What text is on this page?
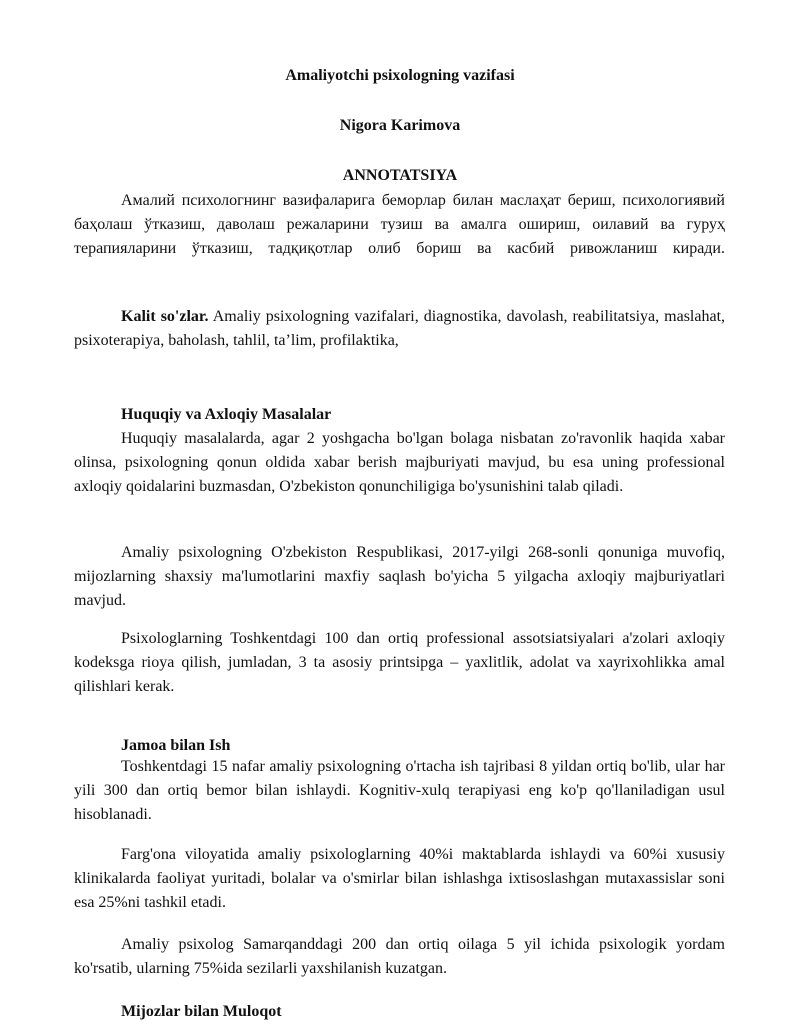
Amaliyotchi psixologning vazifasi
Nigora Karimova
ANNOTATSIYA

Амалий психологнинг вазифаларига беморлар билан маслаҳат бериш, психологиявий баҳолаш ўтказиш, даволаш режаларини тузиш ва амалга ошириш, оилавий ва гуруҳ терапияларини ўтказиш, тадқиқотлар олиб бориш ва касбий ривожланиш киради.

Kalit so'zlar. Amaliy psixologning vazifalari, diagnostika, davolash, reabilitatsiya, maslahat, psixoterapiya, baholash, tahlil, ta’lim, profilaktika,

Huquqiy va Axloqiy Masalalar

Huquqiy masalalarda, agar 2 yoshgacha bo'lgan bolaga nisbatan zo'ravonlik haqida xabar olinsa, psixologning qonun oldida xabar berish majburiyati mavjud, bu esa uning professional axloqiy qoidalarini buzmasdan, O'zbekiston qonunchiligiga bo'ysunishini talab qiladi.

Amaliy psixologning O'zbekiston Respublikasi, 2017-yilgi 268-sonli qonuniga muvofiq, mijozlarning shaxsiy ma'lumotlarini maxfiy saqlash bo'yicha 5 yilgacha axloqiy majburiyatlari mavjud.

Psixologlarning Toshkentdagi 100 dan ortiq professional assotsiatsiyalari a'zolari axloqiy kodeksga rioya qilish, jumladan, 3 ta asosiy printsipga – yaxlitlik, adolat va xayrixohlikka amal qilishlari kerak.

Jamoa bilan Ish

Toshkentdagi 15 nafar amaliy psixologning o'rtacha ish tajribasi 8 yildan ortiq bo'lib, ular har yili 300 dan ortiq bemor bilan ishlaydi. Kognitiv-xulq terapiyasi eng ko'p qo'llaniladigan usul hisoblanadi.

Farg'ona viloyatida amaliy psixologlarning 40%i maktablarda ishlaydi va 60%i xususiy klinikalarda faoliyat yuritadi, bolalar va o'smirlar bilan ishlashga ixtisoslashgan mutaxassislar soni esa 25%ni tashkil etadi.

Amaliy psixolog Samarqanddagi 200 dan ortiq oilaga 5 yil ichida psixologik yordam ko'rsatib, ularning 75%ida sezilarli yaxshilanish kuzatgan.

Mijozlar bilan Muloqot
